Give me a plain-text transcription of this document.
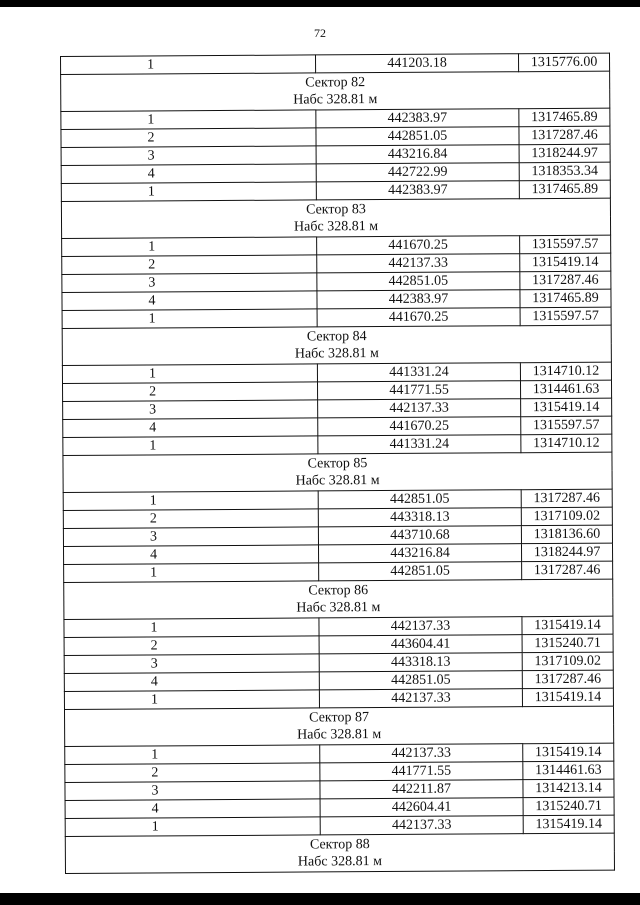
72
1	441203.18	1315776.00
Сектор 82		
Набс 328.81 м		
1	442383.97	1317465.89
2	442851.05	1317287.46
3	443216.84	1318244.97
4	442722.99	1318353.34
1	442383.97	1317465.89
Сектор 83		
Набс 328.81 м		
1	441670.25	1315597.57
2	442137.33	1315419.14
3	442851.05	1317287.46
4	442383.97	1317465.89
1	441670.25	1315597.57
Сектор 84		
Набс 328.81 м		
1	441331.24	1314710.12
2	441771.55	1314461.63
3	442137.33	1315419.14
4	441670.25	1315597.57
1	441331.24	1314710.12
Сектор 85		
Набс 328.81 м		
1	442851.05	1317287.46
2	443318.13	1317109.02
3	443710.68	1318136.60
4	443216.84	1318244.97
1	442851.05	1317287.46
Сектор 86		
Набс 328.81 м		
1	442137.33	1315419.14
2	443604.41	1315240.71
3	443318.13	1317109.02
4	442851.05	1317287.46
1	442137.33	1315419.14
Сектор 87		
Набс 328.81 м		
1	442137.33	1315419.14
2	441771.55	1314461.63
3	442211.87	1314213.14
4	442604.41	1315240.71
1	442137.33	1315419.14
Сектор 88		
Набс 328.81 м		
